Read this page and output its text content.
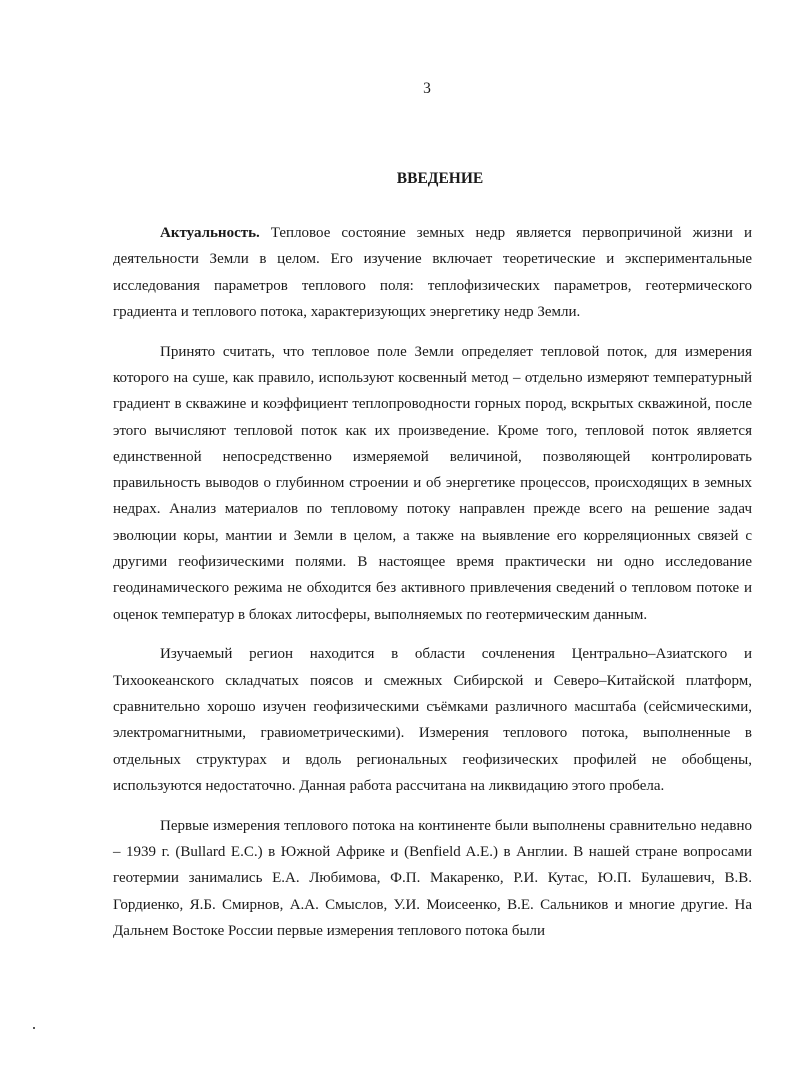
3
ВВЕДЕНИЕ

Актуальность. Тепловое состояние земных недр является первопричиной жизни и деятельности Земли в целом. Его изучение включает теоретические и экспериментальные исследования параметров теплового поля: теплофизических параметров, геотермического градиента и теплового потока, характеризующих энергетику недр Земли.

Принято считать, что тепловое поле Земли определяет тепловой поток, для измерения которого на суше, как правило, используют косвенный метод – отдельно измеряют температурный градиент в скважине и коэффициент теплопроводности горных пород, вскрытых скважиной, после этого вычисляют тепловой поток как их произведение. Кроме того, тепловой поток является единственной непосредственно измеряемой величиной, позволяющей контролировать правильность выводов о глубинном строении и об энергетике процессов, происходящих в земных недрах. Анализ материалов по тепловому потоку направлен прежде всего на решение задач эволюции коры, мантии и Земли в целом, а также на выявление его корреляционных связей с другими геофизическими полями. В настоящее время практически ни одно исследование геодинамического режима не обходится без активного привлечения сведений о тепловом потоке и оценок температур в блоках литосферы, выполняемых по геотермическим данным.

Изучаемый регион находится в области сочленения Центрально–Азиатского и Тихоокеанского складчатых поясов и смежных Сибирской и Северо–Китайской платформ, сравнительно хорошо изучен геофизическими съёмками различного масштаба (сейсмическими, электромагнитными, гравиометрическими). Измерения теплового потока, выполненные в отдельных структурах и вдоль региональных геофизических профилей не обобщены, используются недостаточно. Данная работа рассчитана на ликвидацию этого пробела.

Первые измерения теплового потока на континенте были выполнены сравнительно недавно – 1939 г. (Bullard E.C.) в Южной Африке и (Benfield A.E.) в Англии. В нашей стране вопросами геотермии занимались Е.А. Любимова, Ф.П. Макаренко, Р.И. Кутас, Ю.П. Булашевич, В.В. Гордиенко, Я.Б. Смирнов, А.А. Смыслов, У.И. Моисеенко, В.Е. Сальников и многие другие. На Дальнем Востоке России первые измерения теплового потока были
